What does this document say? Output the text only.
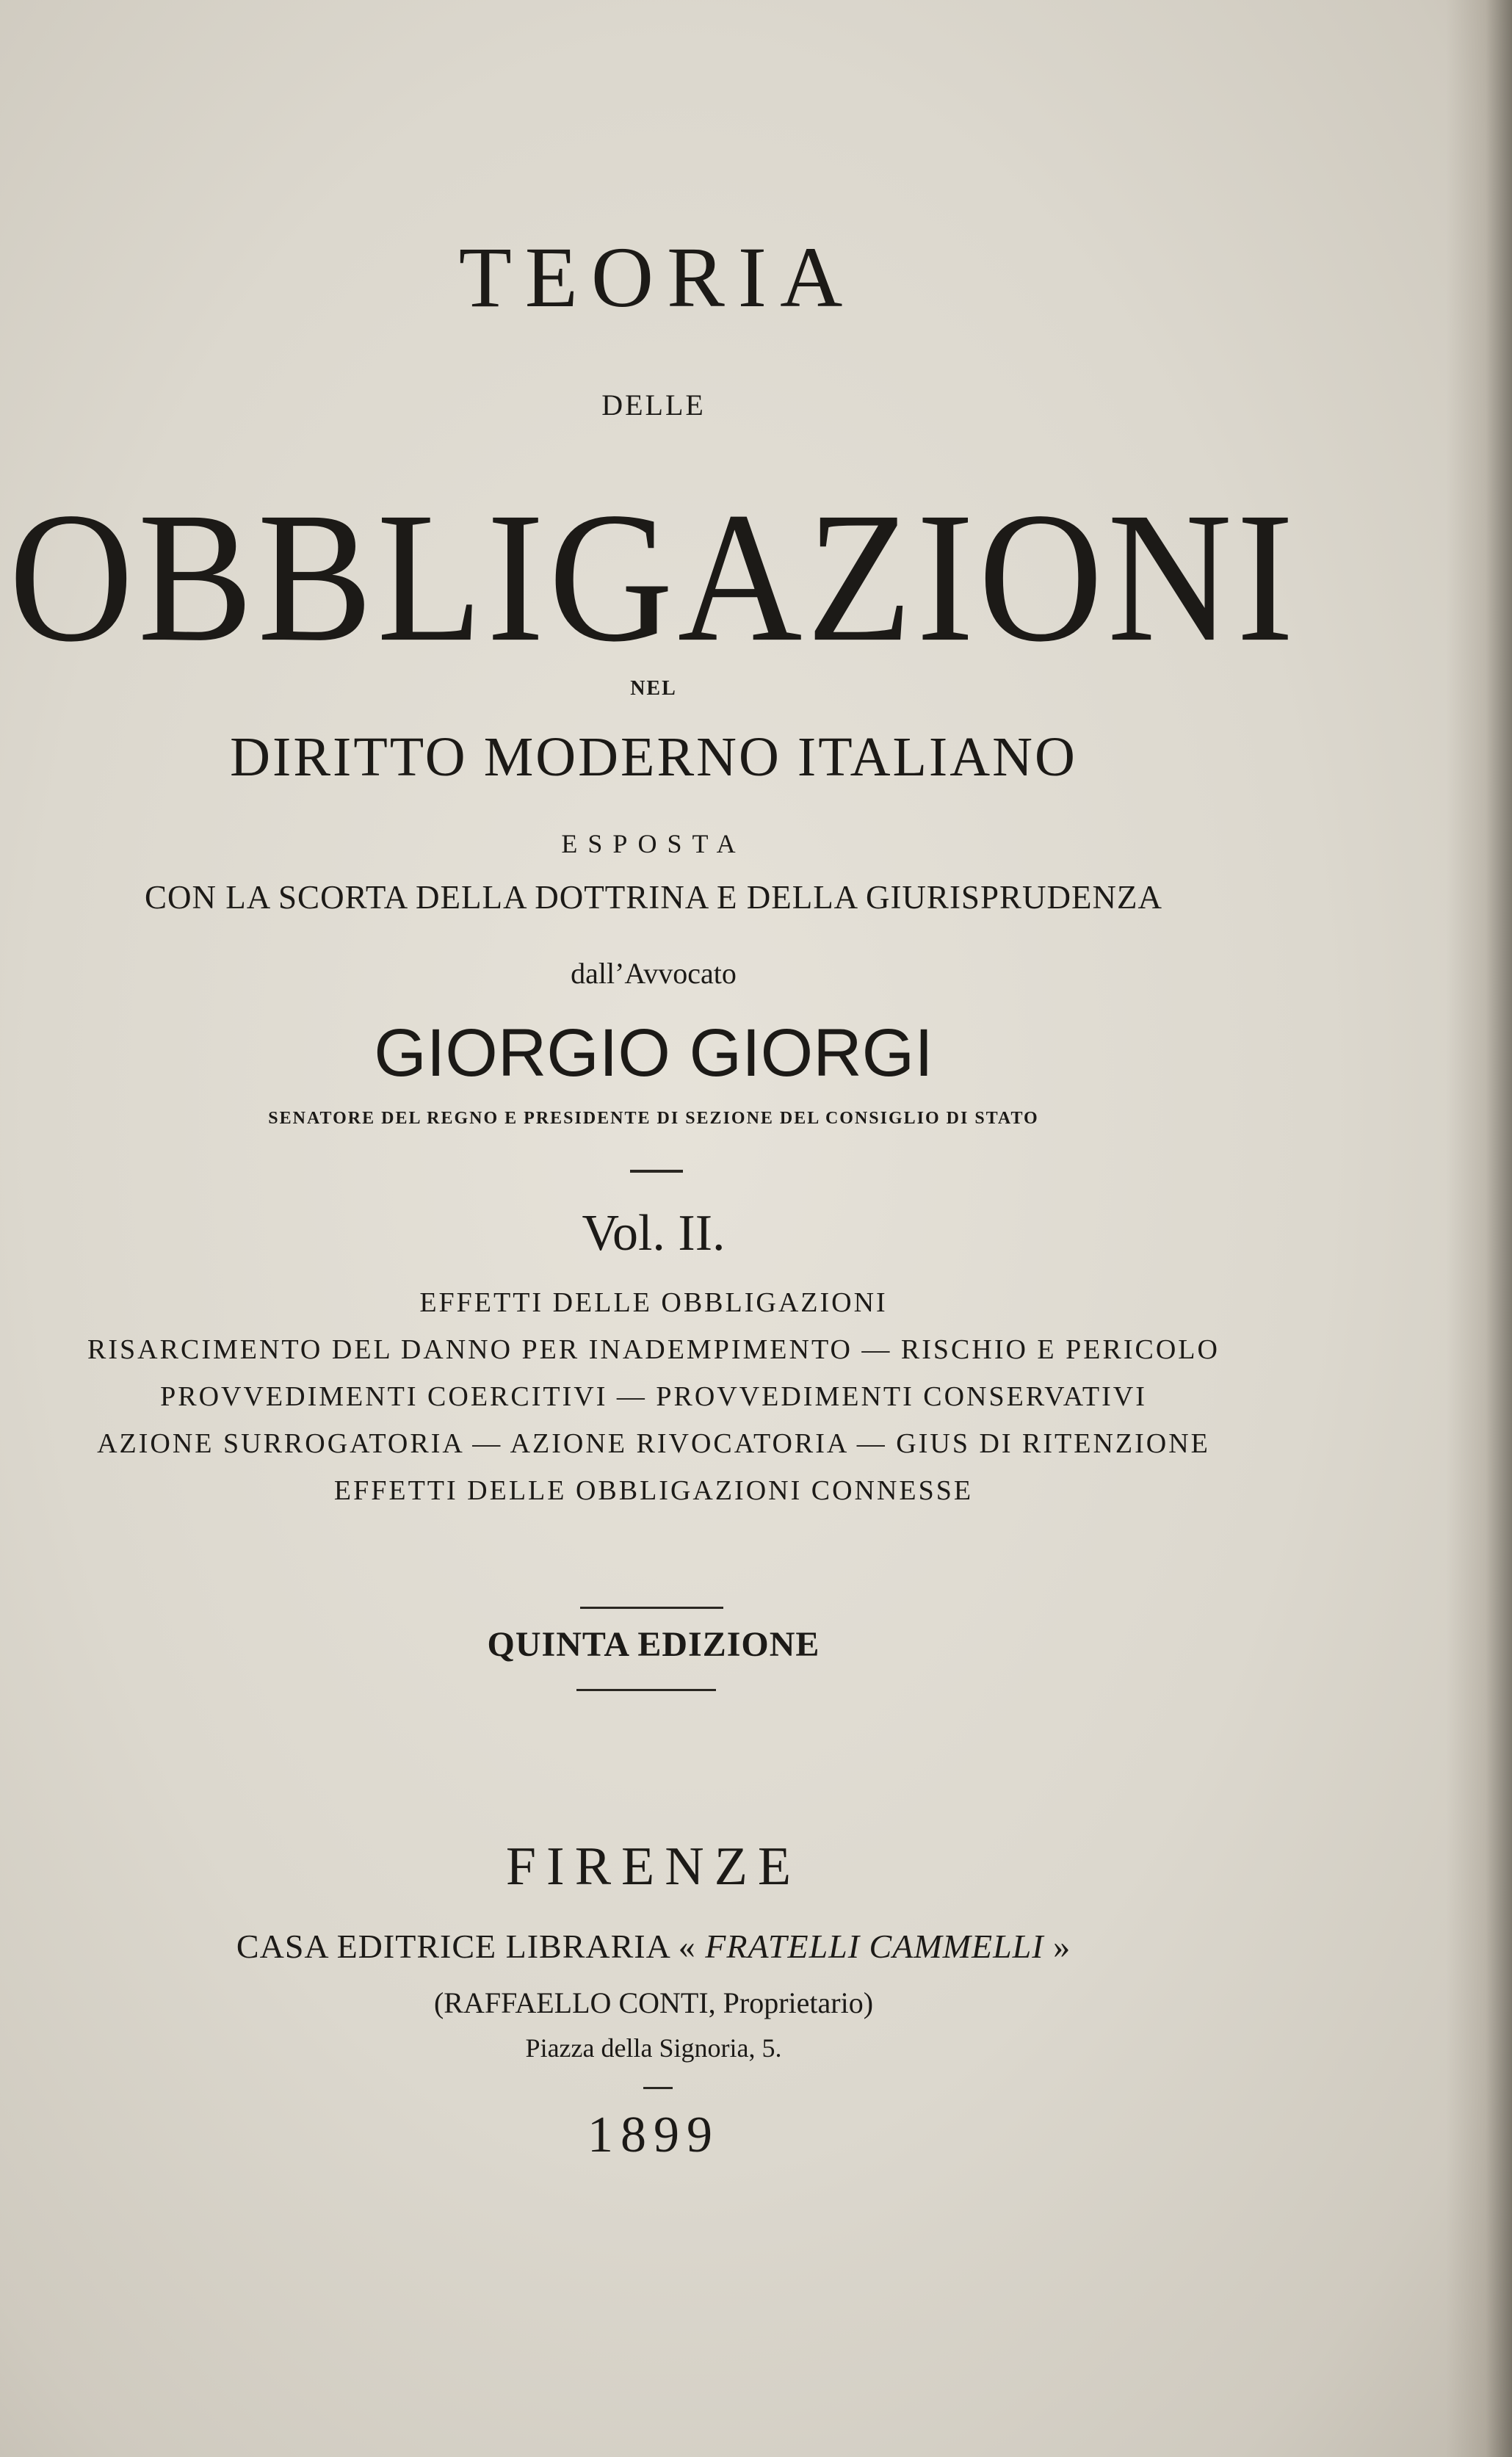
TEORIA
DELLE
OBBLIGAZIONI
NEL
DIRITTO MODERNO ITALIANO
ESPOSTA
CON LA SCORTA DELLA DOTTRINA E DELLA GIURISPRUDENZA
dall’Avvocato
GIORGIO GIORGI
SENATORE DEL REGNO E PRESIDENTE DI SEZIONE DEL CONSIGLIO DI STATO
Vol. II.
EFFETTI DELLE OBBLIGAZIONI
RISARCIMENTO DEL DANNO PER INADEMPIMENTO — RISCHIO E PERICOLO
PROVVEDIMENTI COERCITIVI — PROVVEDIMENTI CONSERVATIVI
AZIONE SURROGATORIA — AZIONE RIVOCATORIA — GIUS DI RITENZIONE
EFFETTI DELLE OBBLIGAZIONI CONNESSE
QUINTA EDIZIONE
FIRENZE
CASA EDITRICE LIBRARIA « FRATELLI CAMMELLI »
(RAFFAELLO CONTI, Proprietario)
Piazza della Signoria, 5.
1899
